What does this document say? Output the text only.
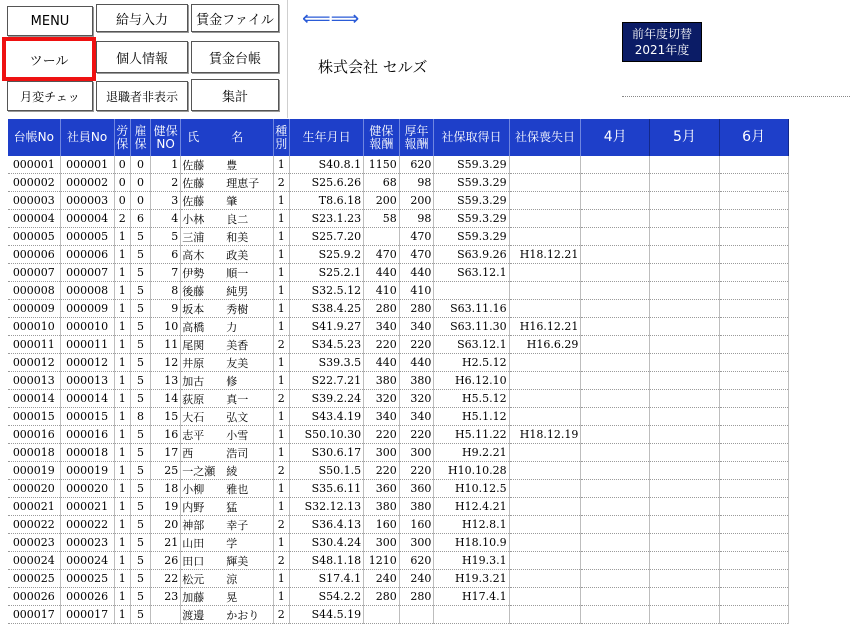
MENU	給与入力	賃金ファイル
ツール	個人情報	賃金台帳
月変チェッ	退職者非表示	集計
⟸⟹
株式会社 セルズ
前年度切替
2021年度
台帳No	社員No	労保	雇保	健保NO	氏 名	種別	生年月日	健保報酬	厚年報酬	社保取得日	社保喪失日	4月	5月	6月
000001	000001	0	0	1	佐藤 豊	1	S40.8.1	1150	620	S59.3.29				
000002	000002	0	0	2	佐藤 理恵子	2	S25.6.26	68	98	S59.3.29				
000003	000003	0	0	3	佐藤 肇	1	T8.6.18	200	200	S59.3.29				
000004	000004	2	6	4	小林 良二	1	S23.1.23	58	98	S59.3.29				
000005	000005	1	5	5	三浦 和美	1	S25.7.20		470	S59.3.29				
000006	000006	1	5	6	高木 政美	1	S25.9.2	470	470	S63.9.26	H18.12.21			
000007	000007	1	5	7	伊勢 順一	1	S25.2.1	440	440	S63.12.1				
000008	000008	1	5	8	後藤 純男	1	S32.5.12	410	410					
000009	000009	1	5	9	坂本 秀樹	1	S38.4.25	280	280	S63.11.16				
000010	000010	1	5	10	高橋 力	1	S41.9.27	340	340	S63.11.30	H16.12.21			
000011	000011	1	5	11	尾関 美香	2	S34.5.23	220	220	S63.12.1	H16.6.29			
000012	000012	1	5	12	井原 友美	1	S39.3.5	440	440	H2.5.12				
000013	000013	1	5	13	加古 修	1	S22.7.21	380	380	H6.12.10				
000014	000014	1	5	14	荻原 真一	2	S39.2.24	320	320	H5.5.12				
000015	000015	1	8	15	大石 弘文	1	S43.4.19	340	340	H5.1.12				
000016	000016	1	5	16	志平 小雪	1	S50.10.30	220	220	H5.11.22	H18.12.19			
000018	000018	1	5	17	西 浩司	1	S30.6.17	300	300	H9.2.21				
000019	000019	1	5	25	一之瀬 綾	2	S50.1.5	220	220	H10.10.28				
000020	000020	1	5	18	小柳 雅也	1	S35.6.11	360	360	H10.12.5				
000021	000021	1	5	19	内野 猛	1	S32.12.13	380	380	H12.4.21				
000022	000022	1	5	20	神部 幸子	2	S36.4.13	160	160	H12.8.1				
000023	000023	1	5	21	山田 学	1	S30.4.24	300	300	H18.10.9				
000024	000024	1	5	26	田口 輝美	2	S48.1.18	1210	620	H19.3.1				
000025	000025	1	5	22	松元 涼	1	S17.4.1	240	240	H19.3.21				
000026	000026	1	5	23	加藤 晃	1	S54.2.2	280	280	H17.4.1				
000017	000017	1	5		渡邊 かおり	2	S44.5.19							
